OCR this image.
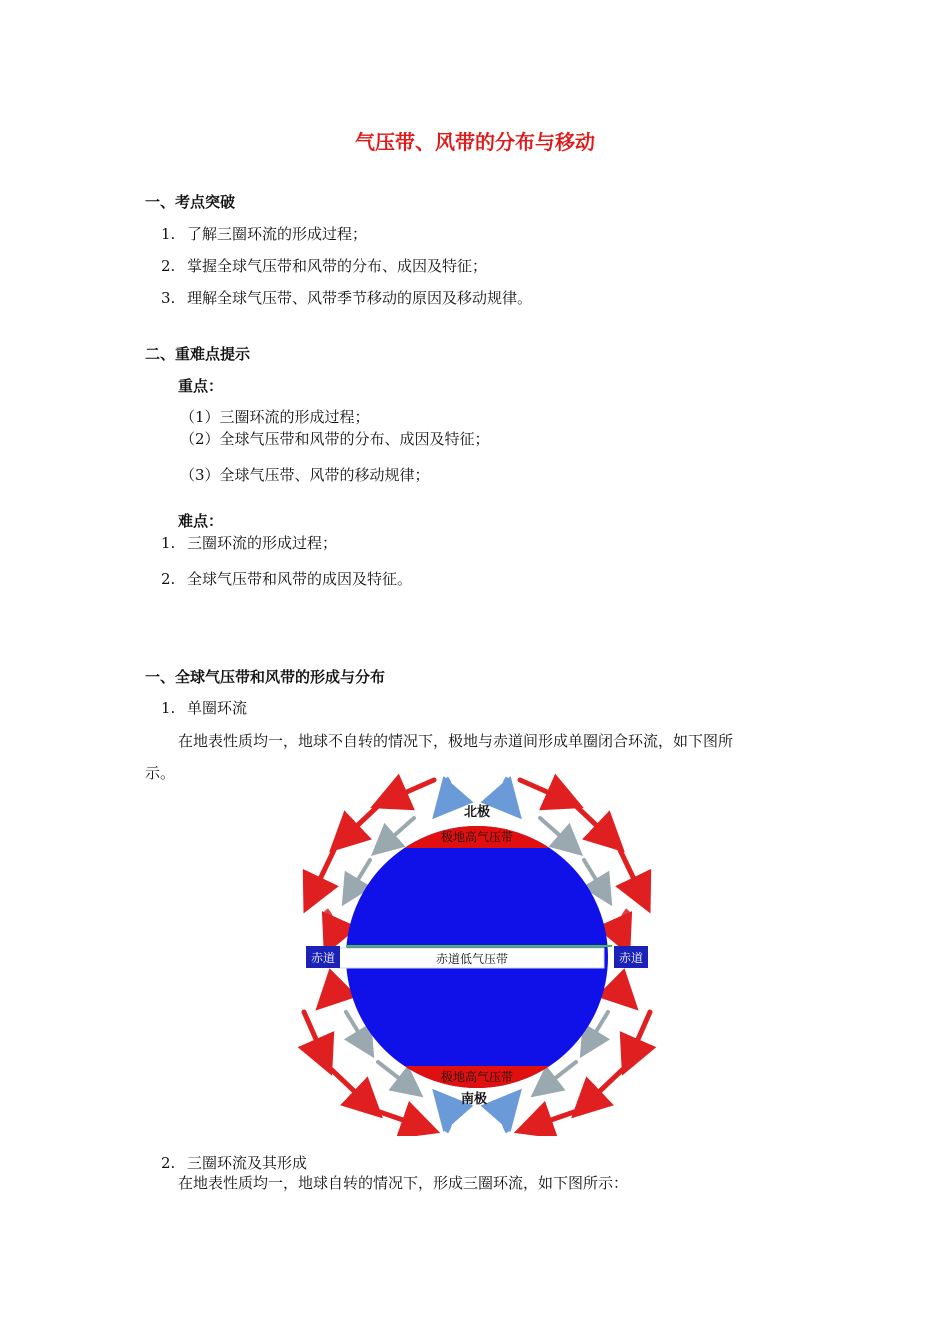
气压带、风带的分布与移动
一、考点突破
1. 了解三圈环流的形成过程；
2. 掌握全球气压带和风带的分布、成因及特征；
3. 理解全球气压带、风带季节移动的原因及移动规律。
二、重难点提示
重点：
（1）三圈环流的形成过程；
（2）全球气压带和风带的分布、成因及特征；
（3）全球气压带、风带的移动规律；
难点：
1. 三圈环流的形成过程；
2. 全球气压带和风带的成因及特征。
一、全球气压带和风带的形成与分布
1. 单圈环流
在地表性质均一，地球不自转的情况下，极地与赤道间形成单圈闭合环流，如下图所
示。
北极
极地高气压带
赤道低气压带
赤道	赤道
极地高气压带
南极
2. 三圈环流及其形成
在地表性质均一，地球自转的情况下，形成三圈环流，如下图所示：
